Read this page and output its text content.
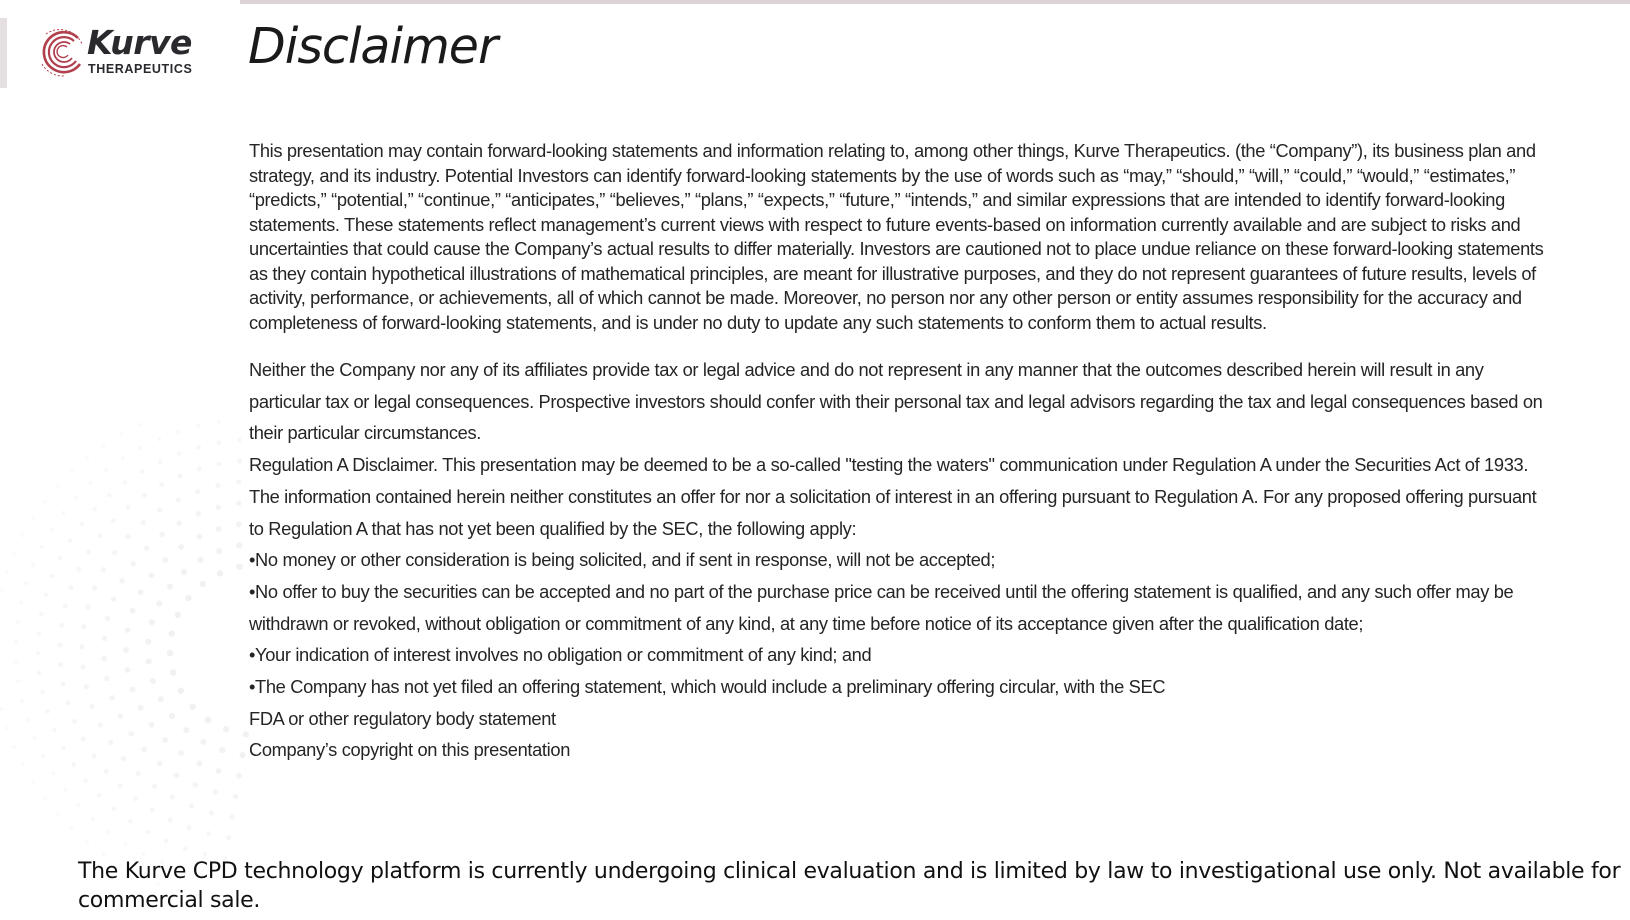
Kurve
THERAPEUTICS Disclaimer

This presentation may contain forward-looking statements and information relating to, among other things, Kurve Therapeutics. (the “Company”), its business plan and strategy, and its industry. Potential Investors can identify forward-looking statements by the use of words such as “may,” “should,” “will,” “could,” “would,” “estimates,” “predicts,” “potential,” “continue,” “anticipates,” “believes,” “plans,” “expects,” “future,” “intends,” and similar expressions that are intended to identify forward-looking statements. These statements reflect management’s current views with respect to future events-based on information currently available and are subject to risks and uncertainties that could cause the Company’s actual results to differ materially. Investors are cautioned not to place undue reliance on these forward-looking statements as they contain hypothetical illustrations of mathematical principles, are meant for illustrative purposes, and they do not represent guarantees of future results, levels of activity, performance, or achievements, all of which cannot be made. Moreover, no person nor any other person or entity assumes responsibility for the accuracy and completeness of forward-looking statements, and is under no duty to update any such statements to conform them to actual results.

Neither the Company nor any of its affiliates provide tax or legal advice and do not represent in any manner that the outcomes described herein will result in any particular tax or legal consequences. Prospective investors should confer with their personal tax and legal advisors regarding the tax and legal consequences based on their particular circumstances.

Regulation A Disclaimer. This presentation may be deemed to be a so-called "testing the waters" communication under Regulation A under the Securities Act of 1933. The information contained herein neither constitutes an offer for nor a solicitation of interest in an offering pursuant to Regulation A. For any proposed offering pursuant to Regulation A that has not yet been qualified by the SEC, the following apply:

•No money or other consideration is being solicited, and if sent in response, will not be accepted;

•No offer to buy the securities can be accepted and no part of the purchase price can be received until the offering statement is qualified, and any such offer may be withdrawn or revoked, without obligation or commitment of any kind, at any time before notice of its acceptance given after the qualification date;

•Your indication of interest involves no obligation or commitment of any kind; and

•The Company has not yet filed an offering statement, which would include a preliminary offering circular, with the SEC

FDA or other regulatory body statement

Company’s copyright on this presentation

The Kurve CPD technology platform is currently undergoing clinical evaluation and is limited by law to investigational use only. Not available for commercial sale.
